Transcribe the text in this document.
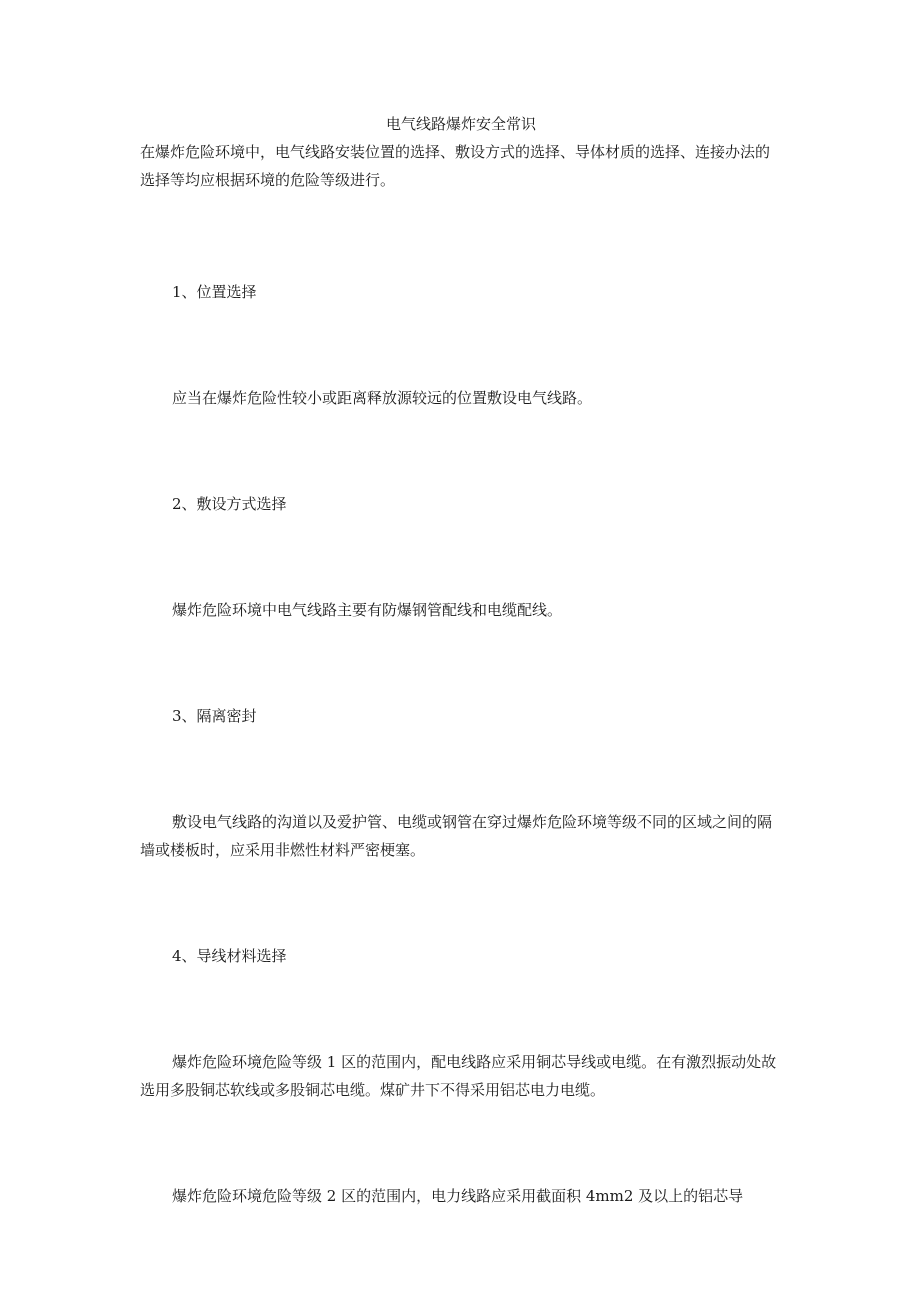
电气线路爆炸安全常识

在爆炸危险环境中，电气线路安装位置的选择、敷设方式的选择、导体材质的选择、连接办法的选择等均应根据环境的危险等级进行。

1、位置选择

应当在爆炸危险性较小或距离释放源较远的位置敷设电气线路。

2、敷设方式选择

爆炸危险环境中电气线路主要有防爆钢管配线和电缆配线。

3、隔离密封

敷设电气线路的沟道以及爱护管、电缆或钢管在穿过爆炸危险环境等级不同的区域之间的隔墙或楼板时，应采用非燃性材料严密梗塞。

4、导线材料选择

爆炸危险环境危险等级 1 区的范围内，配电线路应采用铜芯导线或电缆。在有激烈振动处故选用多股铜芯软线或多股铜芯电缆。煤矿井下不得采用铝芯电力电缆。

爆炸危险环境危险等级 2 区的范围内，电力线路应采用截面积 4mm2 及以上的铝芯导
